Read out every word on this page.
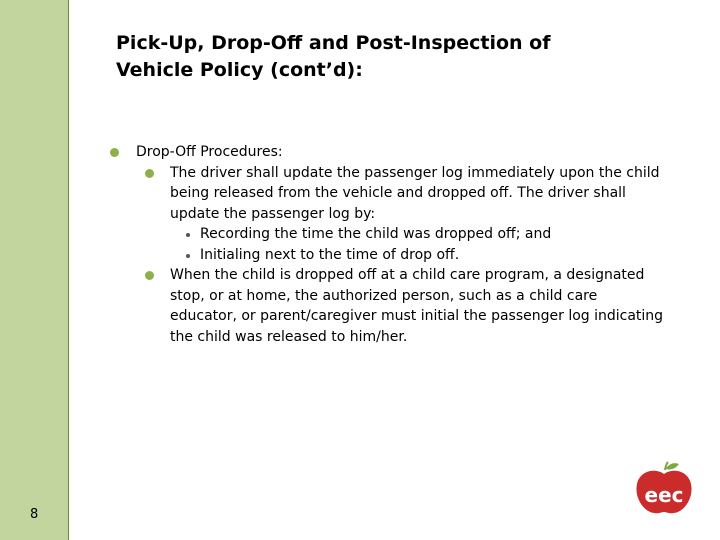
Pick-Up, Drop-Off and Post-Inspection of
Vehicle Policy (cont’d):
Drop-Off Procedures:
The driver shall update the passenger log immediately upon the child being released from the vehicle and dropped off. The driver shall update the passenger log by:
Recording the time the child was dropped off; and
Initialing next to the time of drop off.
When the child is dropped off at a child care program, a designated stop, or at home, the authorized person, such as a child care educator, or parent/caregiver must initial the passenger log indicating the child was released to him/her.
8
eec
